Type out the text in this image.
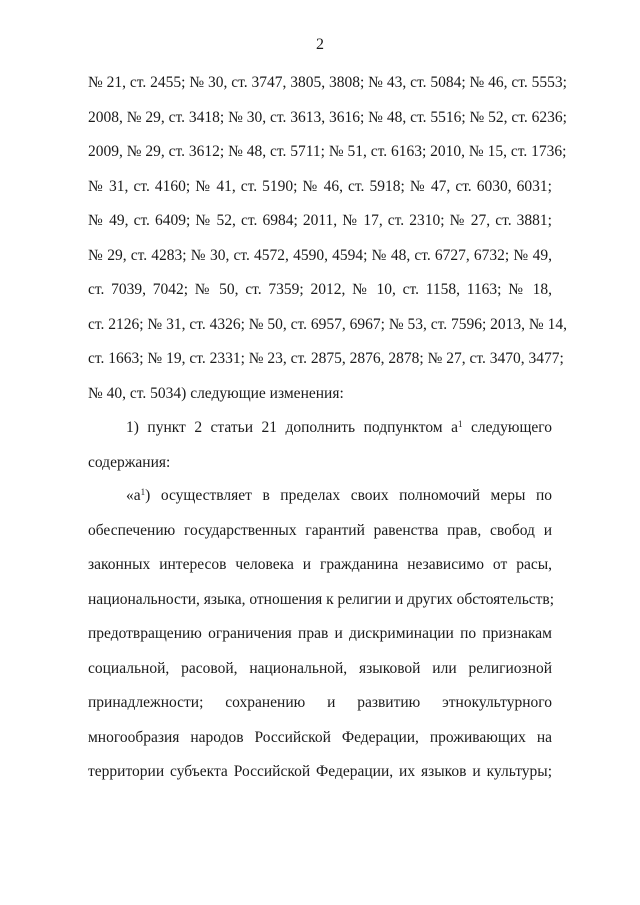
2
№ 21, ст. 2455; № 30, ст. 3747, 3805, 3808; № 43, ст. 5084; № 46, ст. 5553;
2008, № 29, ст. 3418; № 30, ст. 3613, 3616; № 48, ст. 5516; № 52, ст. 6236;
2009, № 29, ст. 3612; № 48, ст. 5711; № 51, ст. 6163; 2010, № 15, ст. 1736;
№ 31, ст. 4160; № 41, ст. 5190; № 46, ст. 5918; № 47, ст. 6030, 6031;
№ 49, ст. 6409; № 52, ст. 6984; 2011, № 17, ст. 2310; № 27, ст. 3881;
№ 29, ст. 4283; № 30, ст. 4572, 4590, 4594; № 48, ст. 6727, 6732; № 49,
ст. 7039, 7042; № 50, ст. 7359; 2012, № 10, ст. 1158, 1163; № 18,
ст. 2126; № 31, ст. 4326; № 50, ст. 6957, 6967; № 53, ст. 7596; 2013, № 14,
ст. 1663; № 19, ст. 2331; № 23, ст. 2875, 2876, 2878; № 27, ст. 3470, 3477;
№ 40, ст. 5034) следующие изменения:
1) пункт 2 статьи 21 дополнить подпунктом $а^1$ следующего
содержания:
«$а^1$) осуществляет в пределах своих полномочий меры по
обеспечению государственных гарантий равенства прав, свобод и
законных интересов человека и гражданина независимо от расы,
национальности, языка, отношения к религии и других обстоятельств;
предотвращению ограничения прав и дискриминации по признакам
социальной, расовой, национальной, языковой или религиозной
принадлежности; сохранению и развитию этнокультурного
многообразия народов Российской Федерации, проживающих на
территории субъекта Российской Федерации, их языков и культуры;
